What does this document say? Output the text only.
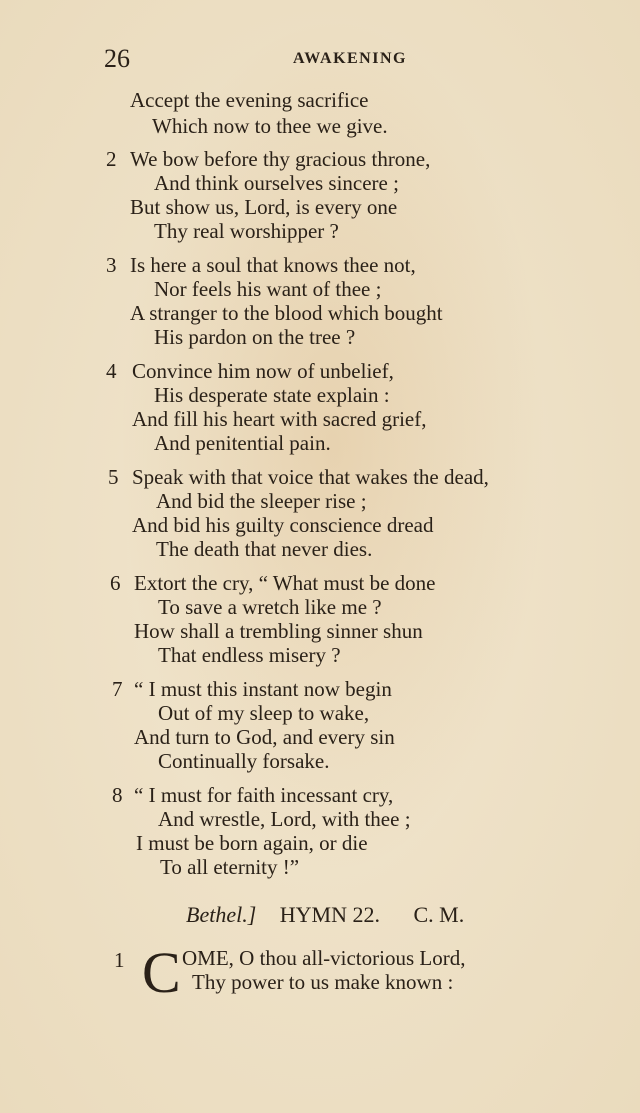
26	AWAKENING
Accept the evening sacrifice
Which now to thee we give.
2 We bow before thy gracious throne,
And think ourselves sincere ;
But show us, Lord, is every one
Thy real worshipper ?
3 Is here a soul that knows thee not,
Nor feels his want of thee ;
A stranger to the blood which bought
His pardon on the tree ?
4 Convince him now of unbelief,
His desperate state explain :
And fill his heart with sacred grief,
And penitential pain.
5 Speak with that voice that wakes the dead,
And bid the sleeper rise ;
And bid his guilty conscience dread
The death that never dies.
6 Extort the cry, “ What must be done
To save a wretch like me ?
How shall a trembling sinner shun
That endless misery ?
7 “ I must this instant now begin
Out of my sleep to wake,
And turn to God, and every sin
Continually forsake.
8 “ I must for faith incessant cry,
And wrestle, Lord, with thee ;
I must be born again, or die
To all eternity !”
Bethel.] HYMN 22. C. M.
1 C OME, O thou all-victorious Lord,
Thy power to us make known :
